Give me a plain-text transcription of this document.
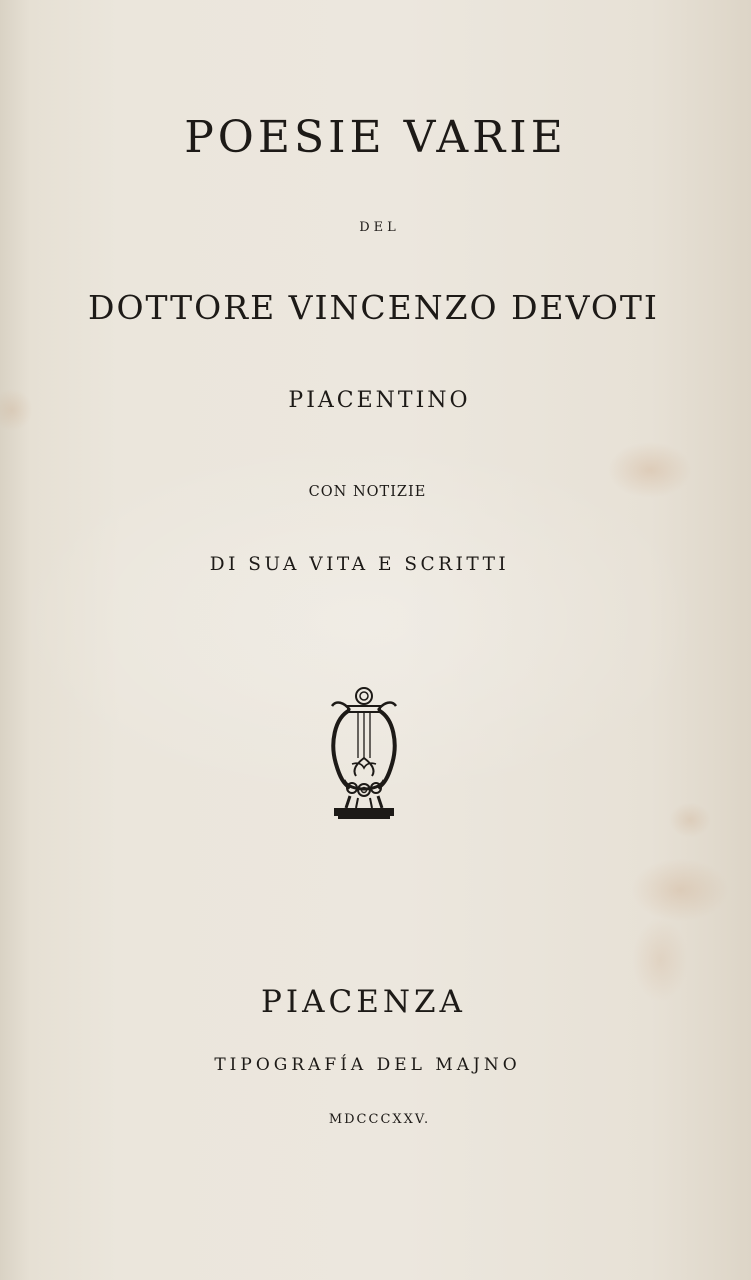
POESIE VARIE
DEL
DOTTORE VINCENZO DEVOTI
PIACENTINO
CON NOTIZIE
DI SUA VITA E SCRITTI
PIACENZA
TIPOGRAFÍA DEL MAJNO
MDCCCXXV.
